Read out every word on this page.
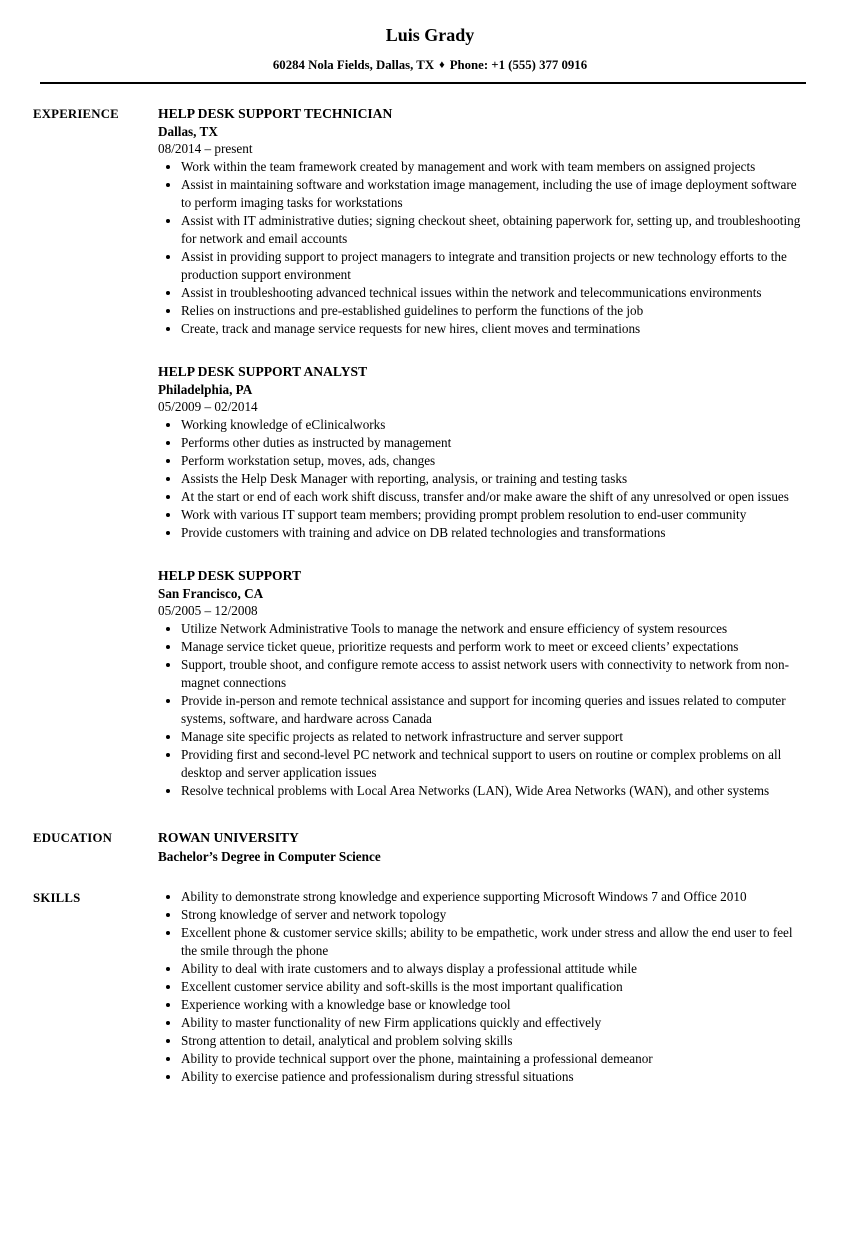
Luis Grady

60284 Nola Fields, Dallas, TX ♦ Phone: +1 (555) 377 0916

EXPERIENCE	HELP DESK SUPPORT TECHNICIAN
Dallas, TX
08/2014 – present
• Work within the team framework created by management and work with team members on assigned projects
• Assist in maintaining software and workstation image management, including the use of image deployment software to perform imaging tasks for workstations
• Assist with IT administrative duties; signing checkout sheet, obtaining paperwork for, setting up, and troubleshooting for network and email accounts
• Assist in providing support to project managers to integrate and transition projects or new technology efforts to the production support environment
• Assist in troubleshooting advanced technical issues within the network and telecommunications environments
• Relies on instructions and pre-established guidelines to perform the functions of the job
• Create, track and manage service requests for new hires, client moves and terminations
HELP DESK SUPPORT ANALYST
Philadelphia, PA
05/2009 – 02/2014
• Working knowledge of eClinicalworks
• Performs other duties as instructed by management
• Perform workstation setup, moves, ads, changes
• Assists the Help Desk Manager with reporting, analysis, or training and testing tasks
• At the start or end of each work shift discuss, transfer and/or make aware the shift of any unresolved or open issues
• Work with various IT support team members; providing prompt problem resolution to end-user community
• Provide customers with training and advice on DB related technologies and transformations
HELP DESK SUPPORT
San Francisco, CA
05/2005 – 12/2008
• Utilize Network Administrative Tools to manage the network and ensure efficiency of system resources
• Manage service ticket queue, prioritize requests and perform work to meet or exceed clients’ expectations
• Support, trouble shoot, and configure remote access to assist network users with connectivity to network from non-magnet connections
• Provide in-person and remote technical assistance and support for incoming queries and issues related to computer systems, software, and hardware across Canada
• Manage site specific projects as related to network infrastructure and server support
• Providing first and second-level PC network and technical support to users on routine or complex problems on all desktop and server application issues
• Resolve technical problems with Local Area Networks (LAN), Wide Area Networks (WAN), and other systems
EDUCATION	ROWAN UNIVERSITY
Bachelor’s Degree in Computer Science
SKILLS	• Ability to demonstrate strong knowledge and experience supporting Microsoft Windows 7 and Office 2010
• Strong knowledge of server and network topology
• Excellent phone & customer service skills; ability to be empathetic, work under stress and allow the end user to feel the smile through the phone
• Ability to deal with irate customers and to always display a professional attitude while
• Excellent customer service ability and soft-skills is the most important qualification
• Experience working with a knowledge base or knowledge tool
• Ability to master functionality of new Firm applications quickly and effectively
• Strong attention to detail, analytical and problem solving skills
• Ability to provide technical support over the phone, maintaining a professional demeanor
• Ability to exercise patience and professionalism during stressful situations
